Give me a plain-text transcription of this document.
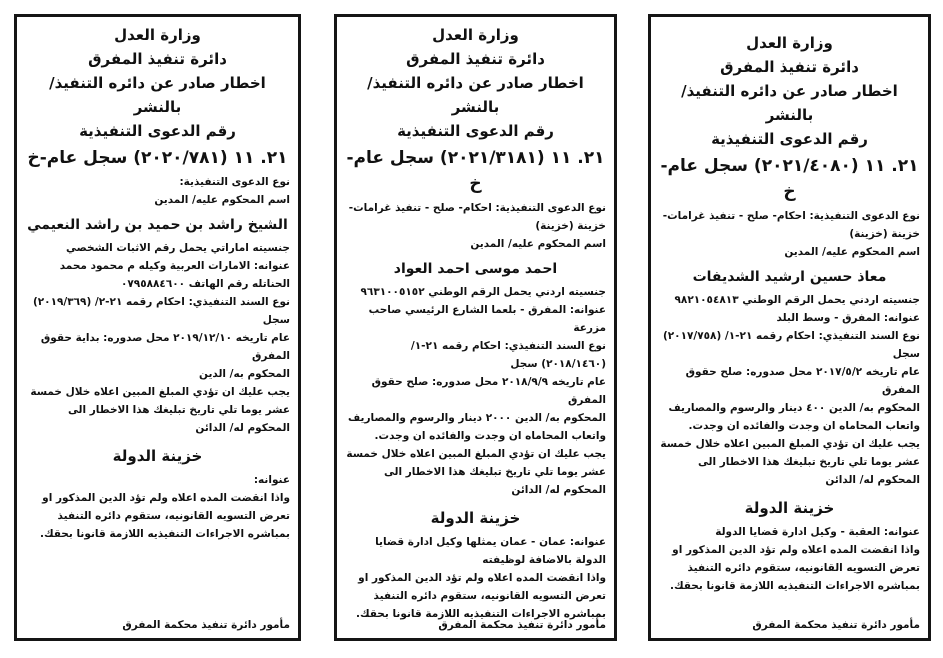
وزارة العدل

دائرة تنفيذ المفرق

اخطار صادر عن دائره التنفيذ/ بالنشر

رقم الدعوى التنفيذية

٢١. ١١ (٢٠٢١/٤٠٨٠) سجل عام-خ

نوع الدعوى التنفيذية: احكام- صلح - تنفيذ غرامات- خزينة (خزينة)

اسم المحكوم عليه/ المدين

معاذ حسين ارشيد الشديفات

جنسيته اردني يحمل الرقم الوطني ٩٨٢١٠٥٤٨١٣

عنوانه: المفرق - وسط البلد

نوع السند التنفيذي: احكام رقمه ٢١-١/ (٢٠١٧/٧٥٨) سجل

عام تاريخه ٢٠١٧/٥/٢ محل صدوره: صلح حقوق المفرق

المحكوم به/ الدين ٤٠٠ دينار والرسوم والمصاريف واتعاب المحاماه ان وجدت والفائده ان وجدت.

يجب عليك ان تؤدي المبلغ المبين اعلاه خلال خمسة عشر يوما تلي تاريخ تبليغك هذا الاخطار الى المحكوم له/ الدائن

خزينة الدولة

عنوانه: العقبة - وكيل ادارة قضايا الدولة

واذا انقضت المده اعلاه ولم تؤد الدين المذكور او تعرض التسويه القانونيه، ستقوم دائره التنفيذ بمباشره الاجراءات التنفيذيه اللازمة قانونا بحقك.

مأمور دائرة تنفيذ محكمة المفرق

وزارة العدل

دائرة تنفيذ المفرق

اخطار صادر عن دائره التنفيذ/ بالنشر

رقم الدعوى التنفيذية

٢١. ١١ (٢٠٢١/٣١٨١) سجل عام-خ

نوع الدعوى التنفيذية: احكام- صلح - تنفيذ غرامات- خزينة (خزينة)

اسم المحكوم عليه/ المدين

احمد موسى احمد العواد

جنسيته اردني يحمل الرقم الوطني ٩٦٣١٠٠٥١٥٢

عنوانه: المفرق - بلعما الشارع الرئيسي صاحب مزرعة

نوع السند التنفيذي: احكام رقمه ٢١-١/ (٢٠١٨/١٤٦٠) سجل

عام تاريخه ٢٠١٨/٩/٩ محل صدوره: صلح حقوق المفرق

المحكوم به/ الدين ٢٠٠٠ دينار والرسوم والمصاريف واتعاب المحاماه ان وجدت والفائده ان وجدت.

يجب عليك ان تؤدي المبلغ المبين اعلاه خلال خمسة عشر يوما تلي تاريخ تبليغك هذا الاخطار الى المحكوم له/ الدائن

خزينة الدولة

عنوانه: عمان - عمان يمثلها وكيل ادارة قضايا الدولة بالاضافة لوظيفته

واذا انقضت المده اعلاه ولم تؤد الدين المذكور او تعرض التسويه القانونيه، ستقوم دائره التنفيذ بمباشره الاجراءات التنفيذيه اللازمة قانونا بحقك.

مأمور دائرة تنفيذ محكمة المفرق

وزارة العدل

دائرة تنفيذ المفرق

اخطار صادر عن دائره التنفيذ/ بالنشر

رقم الدعوى التنفيذية

٢١. ١١ (٢٠٢٠/٧٨١) سجل عام-خ

نوع الدعوى التنفيذية:

اسم المحكوم عليه/ المدين

الشيخ راشد بن حميد بن راشد النعيمي

جنسيته اماراتي يحمل رقم الاثبات الشخصي

عنوانه: الامارات العربية وكيله م محمود محمد الحناتله رقم الهاتف ٠٧٩٥٨٨٤٦٠٠

نوع السند التنفيذي: احكام رقمه ٢١-٢/ (٢٠١٩/٣٦٩) سجل

عام تاريخه ٢٠١٩/١٢/١٠ محل صدوره: بداية حقوق المفرق

المحكوم به/ الدين

يجب عليك ان تؤدي المبلغ المبين اعلاه خلال خمسة عشر يوما تلي تاريخ تبليغك هذا الاخطار الى المحكوم له/ الدائن

خزينة الدولة

عنوانه:

واذا انقضت المده اعلاه ولم تؤد الدين المذكور او تعرض التسويه القانونيه، ستقوم دائره التنفيذ بمباشره الاجراءات التنفيذيه اللازمة قانونا بحقك.

مأمور دائرة تنفيذ محكمة المفرق
